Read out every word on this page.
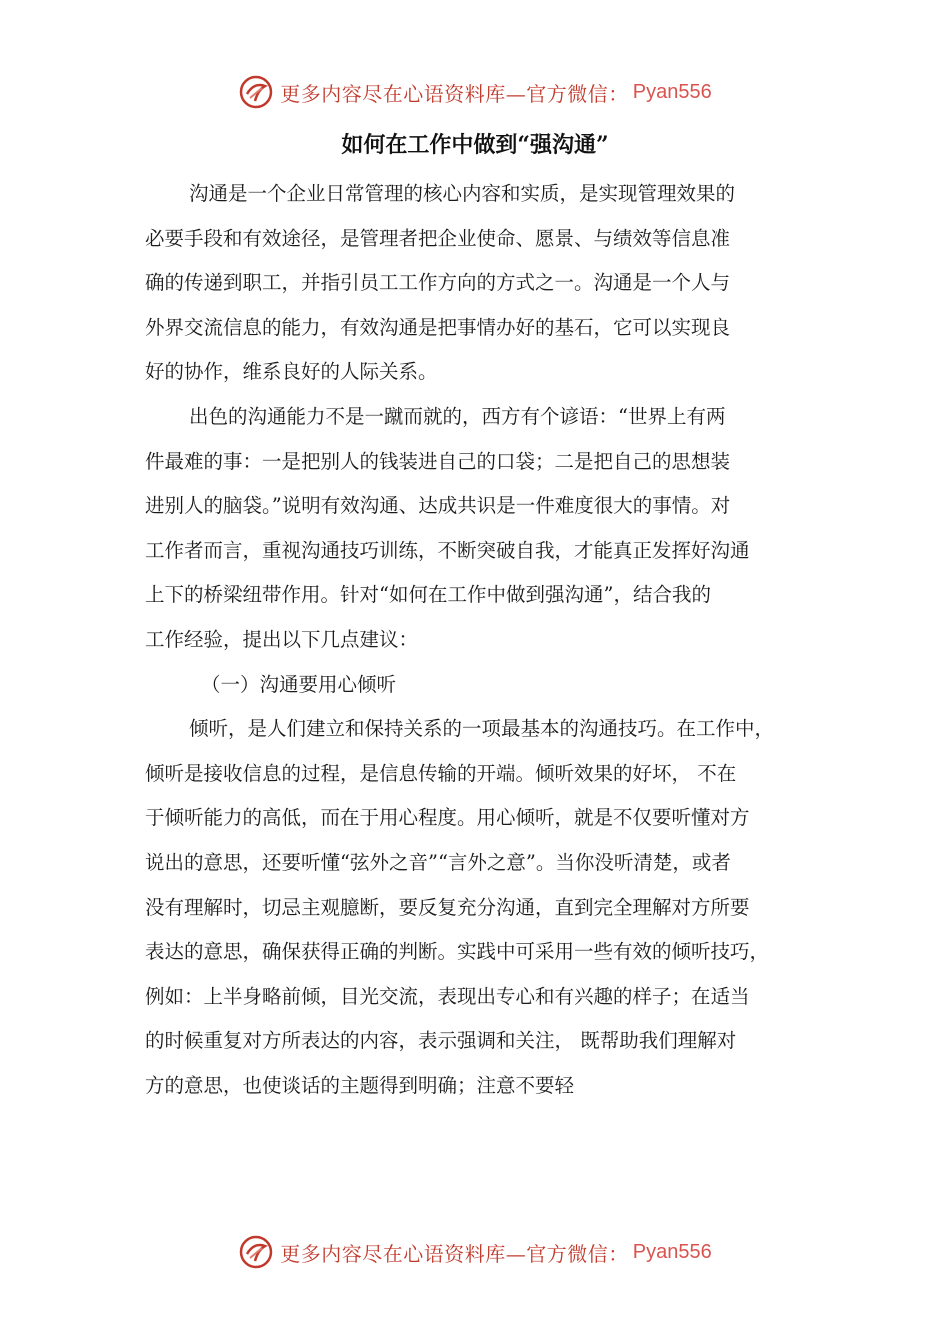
更多内容尽在心语资料库—官方微信： Pyan556
如何在工作中做到“强沟通”
沟通是一个企业日常管理的核心内容和实质，是实现管理效果的
必要手段和有效途径，是管理者把企业使命、愿景、与绩效等信息准
确的传递到职工，并指引员工工作方向的方式之一。沟通是一个人与
外界交流信息的能力，有效沟通是把事情办好的基石，它可以实现良
好的协作，维系良好的人际关系。
出色的沟通能力不是一蹴而就的，西方有个谚语：“世界上有两
件最难的事：一是把别人的钱装进自己的口袋；二是把自己的思想装
进别人的脑袋。”说明有效沟通、达成共识是一件难度很大的事情。对
工作者而言，重视沟通技巧训练，不断突破自我，才能真正发挥好沟通
上下的桥梁纽带作用。针对“如何在工作中做到强沟通”，结合我的
工作经验，提出以下几点建议：
（一）沟通要用心倾听
倾听，是人们建立和保持关系的一项最基本的沟通技巧。在工作中，
倾听是接收信息的过程，是信息传输的开端。倾听效果的好坏， 不在
于倾听能力的高低，而在于用心程度。用心倾听，就是不仅要听懂对方
说出的意思，还要听懂“弦外之音”“言外之意”。当你没听清楚，或者
没有理解时，切忌主观臆断，要反复充分沟通，直到完全理解对方所要
表达的意思，确保获得正确的判断。实践中可采用一些有效的倾听技巧，
例如：上半身略前倾，目光交流，表现出专心和有兴趣的样子；在适当
的时候重复对方所表达的内容，表示强调和关注， 既帮助我们理解对
方的意思，也使谈话的主题得到明确；注意不要轻
更多内容尽在心语资料库—官方微信： Pyan556
